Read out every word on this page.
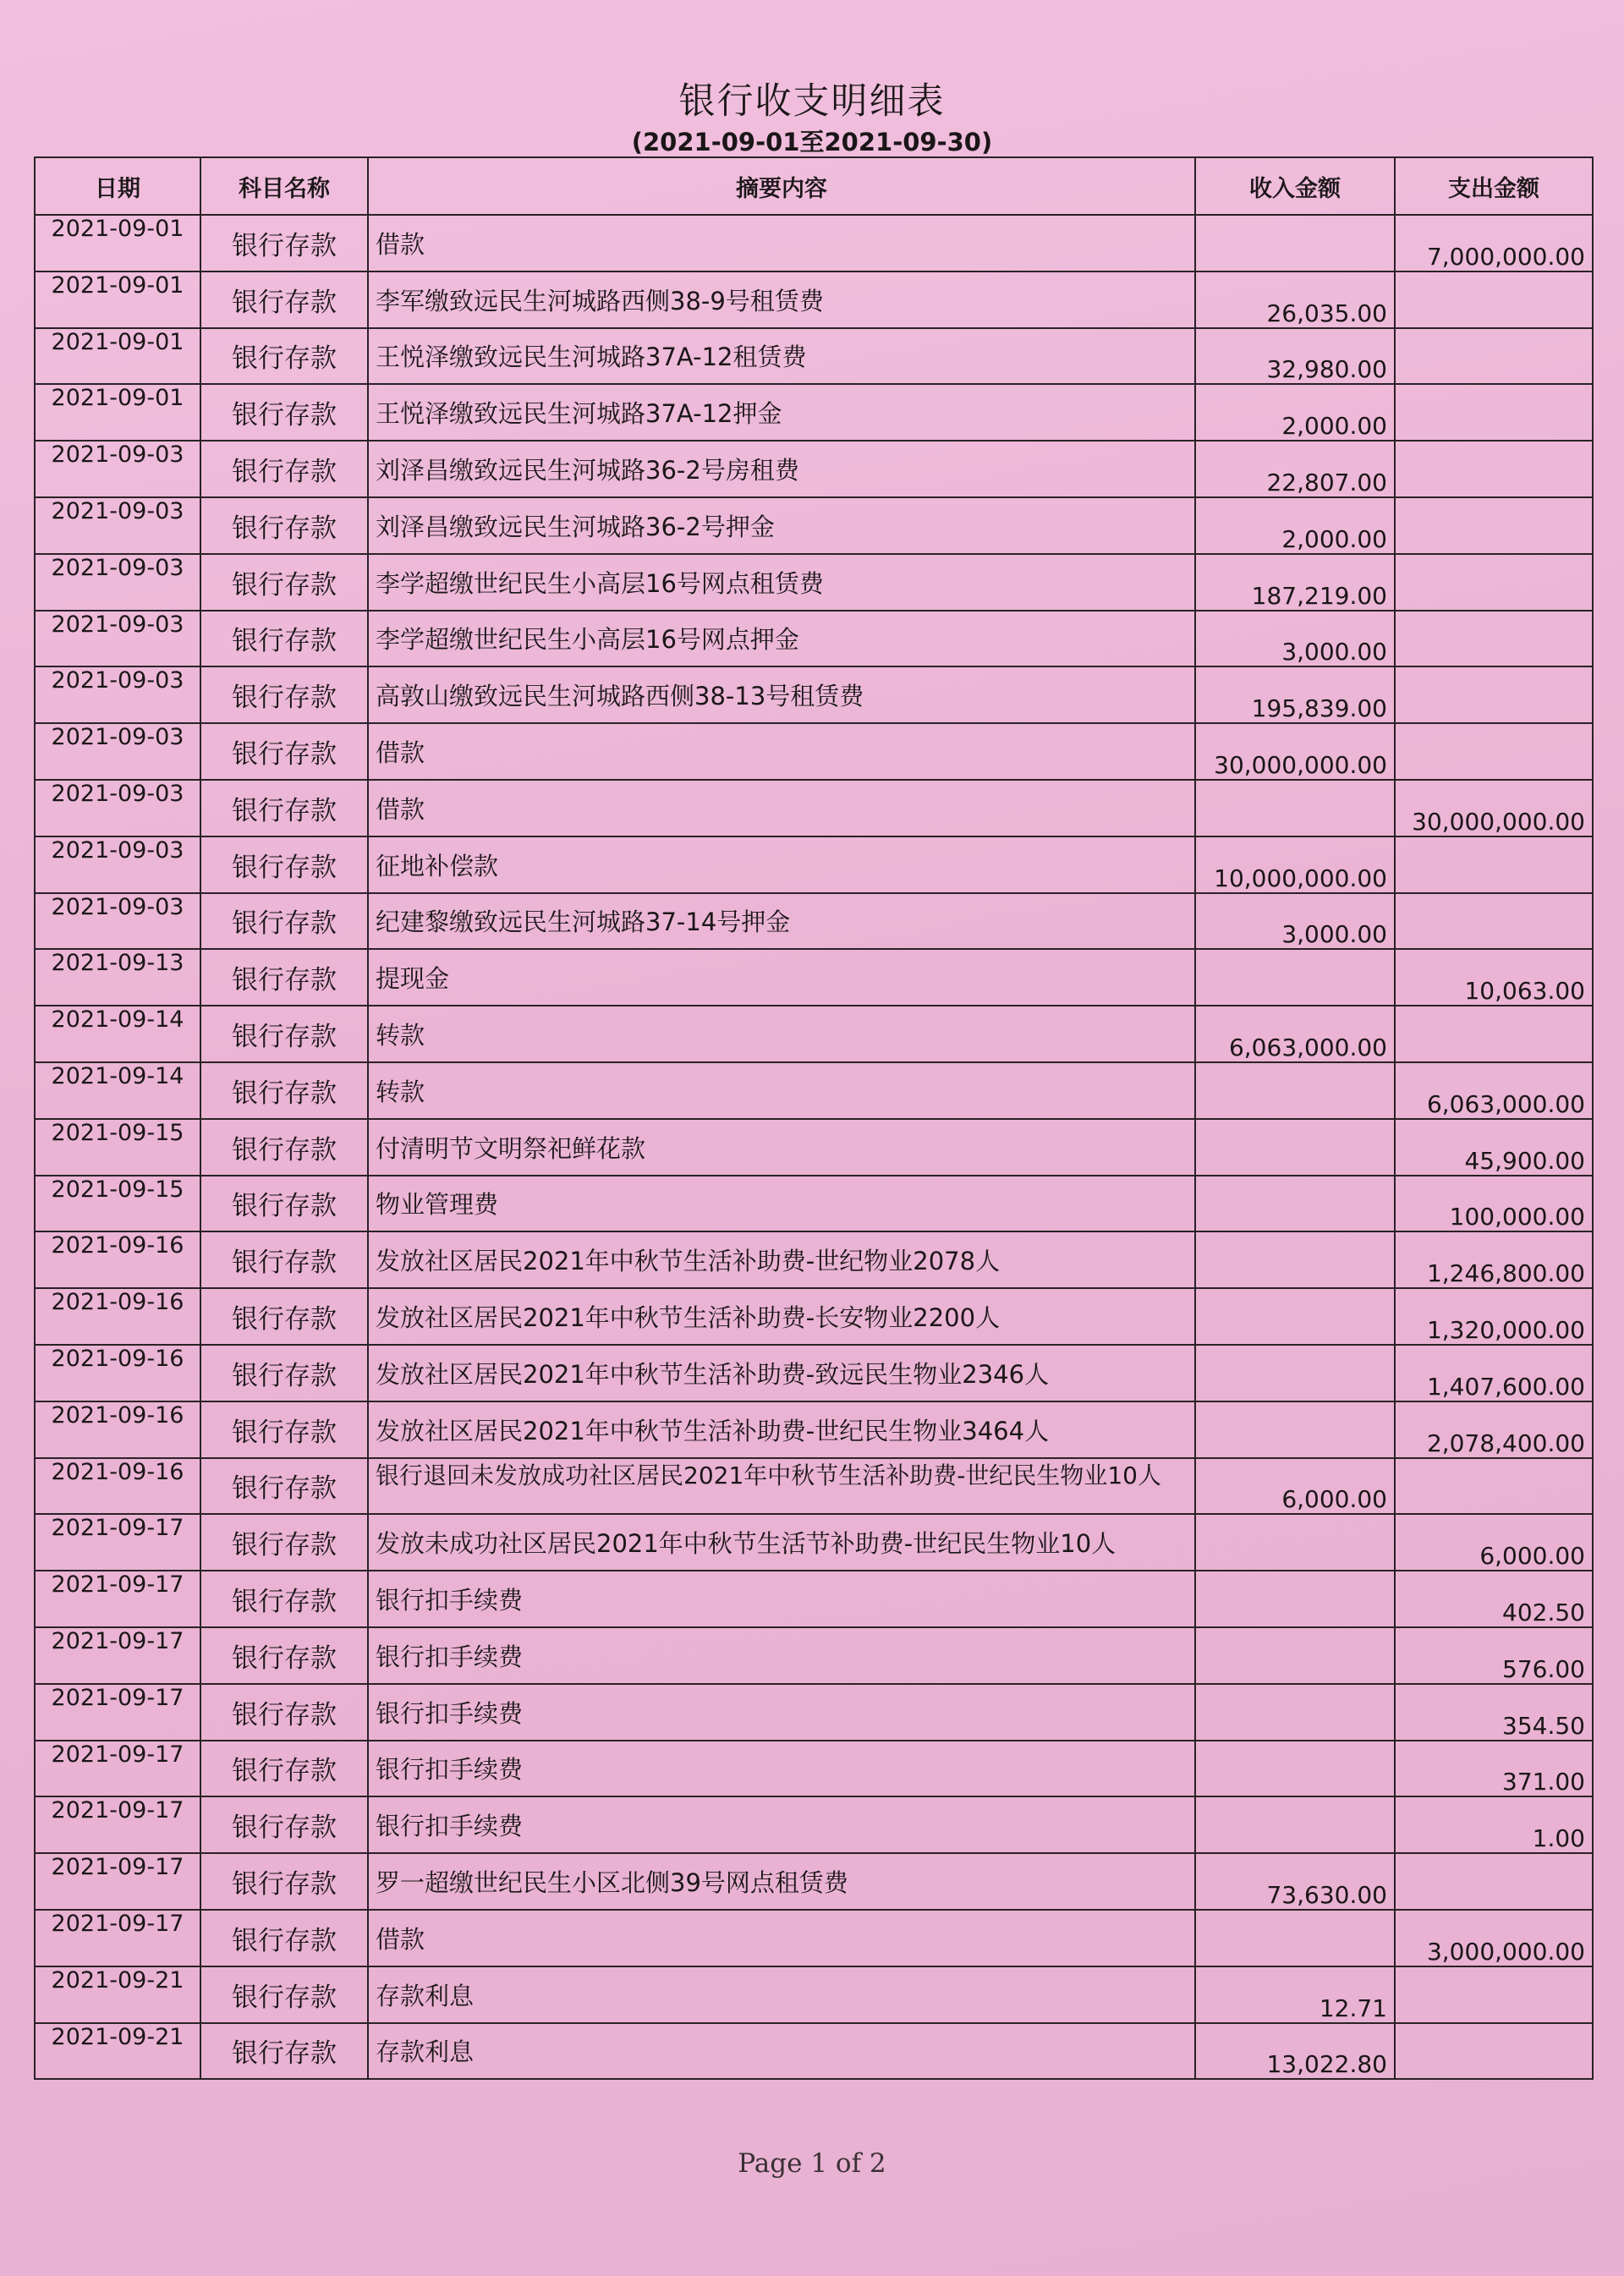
银行收支明细表
(2021-09-01至2021-09-30)
日期	科目名称	摘要内容	收入金额	支出金额
2021-09-01	银行存款	借款		7,000,000.00
2021-09-01	银行存款	李军缴致远民生河城路西侧38-9号租赁费	26,035.00	
2021-09-01	银行存款	王悦泽缴致远民生河城路37A-12租赁费	32,980.00	
2021-09-01	银行存款	王悦泽缴致远民生河城路37A-12押金	2,000.00	
2021-09-03	银行存款	刘泽昌缴致远民生河城路36-2号房租费	22,807.00	
2021-09-03	银行存款	刘泽昌缴致远民生河城路36-2号押金	2,000.00	
2021-09-03	银行存款	李学超缴世纪民生小高层16号网点租赁费	187,219.00	
2021-09-03	银行存款	李学超缴世纪民生小高层16号网点押金	3,000.00	
2021-09-03	银行存款	高敦山缴致远民生河城路西侧38-13号租赁费	195,839.00	
2021-09-03	银行存款	借款	30,000,000.00	
2021-09-03	银行存款	借款		30,000,000.00
2021-09-03	银行存款	征地补偿款	10,000,000.00	
2021-09-03	银行存款	纪建黎缴致远民生河城路37-14号押金	3,000.00	
2021-09-13	银行存款	提现金		10,063.00
2021-09-14	银行存款	转款	6,063,000.00	
2021-09-14	银行存款	转款		6,063,000.00
2021-09-15	银行存款	付清明节文明祭祀鲜花款		45,900.00
2021-09-15	银行存款	物业管理费		100,000.00
2021-09-16	银行存款	发放社区居民2021年中秋节生活补助费-世纪物业2078人		1,246,800.00
2021-09-16	银行存款	发放社区居民2021年中秋节生活补助费-长安物业2200人		1,320,000.00
2021-09-16	银行存款	发放社区居民2021年中秋节生活补助费-致远民生物业2346人		1,407,600.00
2021-09-16	银行存款	发放社区居民2021年中秋节生活补助费-世纪民生物业3464人		2,078,400.00
2021-09-16	银行存款	银行退回未发放成功社区居民2021年中秋节生活补助费-世纪民生物业10人	6,000.00	
2021-09-17	银行存款	发放未成功社区居民2021年中秋节生活节补助费-世纪民生物业10人		6,000.00
2021-09-17	银行存款	银行扣手续费		402.50
2021-09-17	银行存款	银行扣手续费		576.00
2021-09-17	银行存款	银行扣手续费		354.50
2021-09-17	银行存款	银行扣手续费		371.00
2021-09-17	银行存款	银行扣手续费		1.00
2021-09-17	银行存款	罗一超缴世纪民生小区北侧39号网点租赁费	73,630.00	
2021-09-17	银行存款	借款		3,000,000.00
2021-09-21	银行存款	存款利息	12.71	
2021-09-21	银行存款	存款利息	13,022.80	
Page 1 of 2
